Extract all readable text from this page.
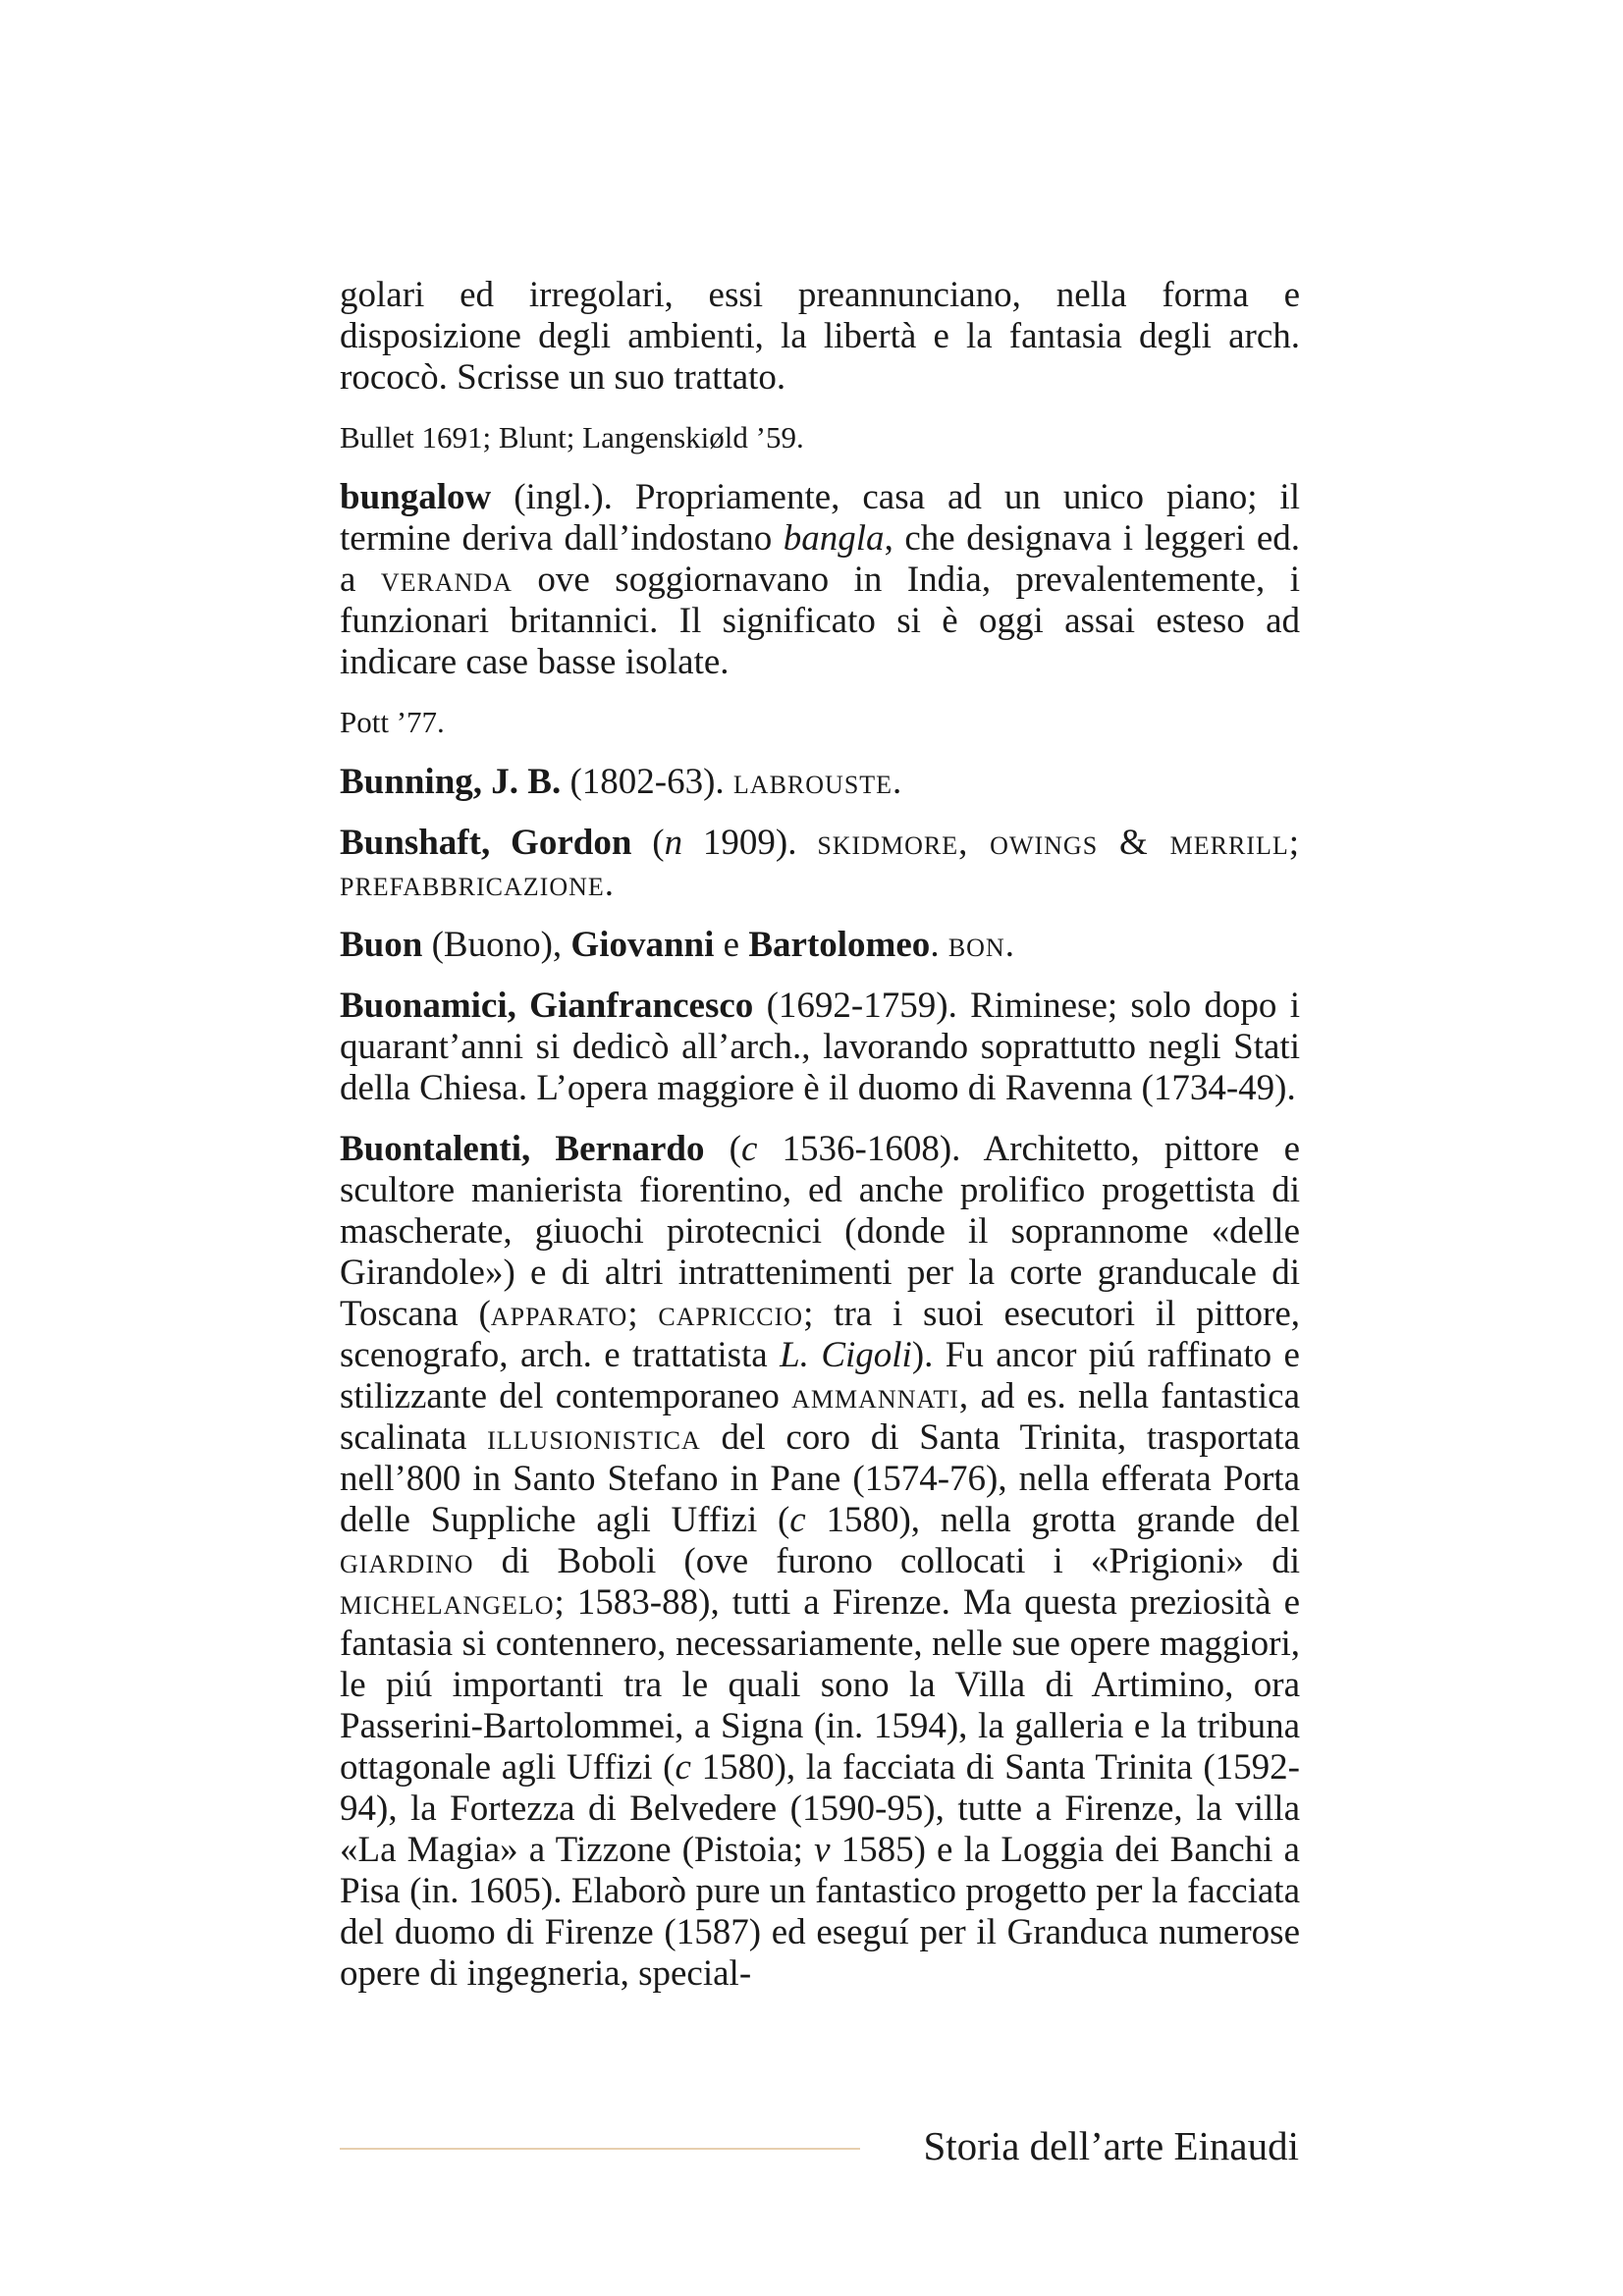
golari ed irregolari, essi preannunciano, nella forma e disposizione degli ambienti, la libertà e la fantasia degli arch. rococò. Scrisse un suo trattato.

Bullet 1691; Blunt; Langenskiøld ’59.

bungalow (ingl.). Propriamente, casa ad un unico piano; il termine deriva dall’indostano bangla, che designava i leggeri ed. a veranda ove soggiornavano in India, prevalentemente, i funzionari britannici. Il significato si è oggi assai esteso ad indicare case basse isolate.

Pott ’77.

Bunning, J. B. (1802-63). labrouste.

Bunshaft, Gordon (n 1909). skidmore, owings & merrill; prefabbricazione.

Buon (Buono), Giovanni e Bartolomeo. bon.

Buonamici, Gianfrancesco (1692-1759). Riminese; solo dopo i quarant’anni si dedicò all’arch., lavorando soprattutto negli Stati della Chiesa. L’opera maggiore è il duomo di Ravenna (1734-49).

Buontalenti, Bernardo (c 1536-1608). Architetto, pittore e scultore manierista fiorentino, ed anche prolifico progettista di mascherate, giuochi pirotecnici (donde il soprannome «delle Girandole») e di altri intrattenimenti per la corte granducale di Toscana (apparato; capriccio; tra i suoi esecutori il pittore, scenografo, arch. e trattatista L. Cigoli). Fu ancor piú raffinato e stilizzante del contemporaneo ammannati, ad es. nella fantastica scalinata illusionistica del coro di Santa Trinita, trasportata nell’800 in Santo Stefano in Pane (1574-76), nella efferata Porta delle Suppliche agli Uffizi (c 1580), nella grotta grande del giardino di Boboli (ove furono collocati i «Prigioni» di michelangelo; 1583-88), tutti a Firenze. Ma questa preziosità e fantasia si contennero, necessariamente, nelle sue opere maggiori, le piú importanti tra le quali sono la Villa di Artimino, ora Passerini-Bartolommei, a Signa (in. 1594), la galleria e la tribuna ottagonale agli Uffizi (c 1580), la facciata di Santa Trinita (1592-94), la Fortezza di Belvedere (1590-95), tutte a Firenze, la villa «La Magia» a Tizzone (Pistoia; v 1585) e la Loggia dei Banchi a Pisa (in. 1605). Elaborò pure un fantastico progetto per la facciata del duomo di Firenze (1587) ed eseguí per il Granduca numerose opere di ingegneria, special-

Storia dell’arte Einaudi
